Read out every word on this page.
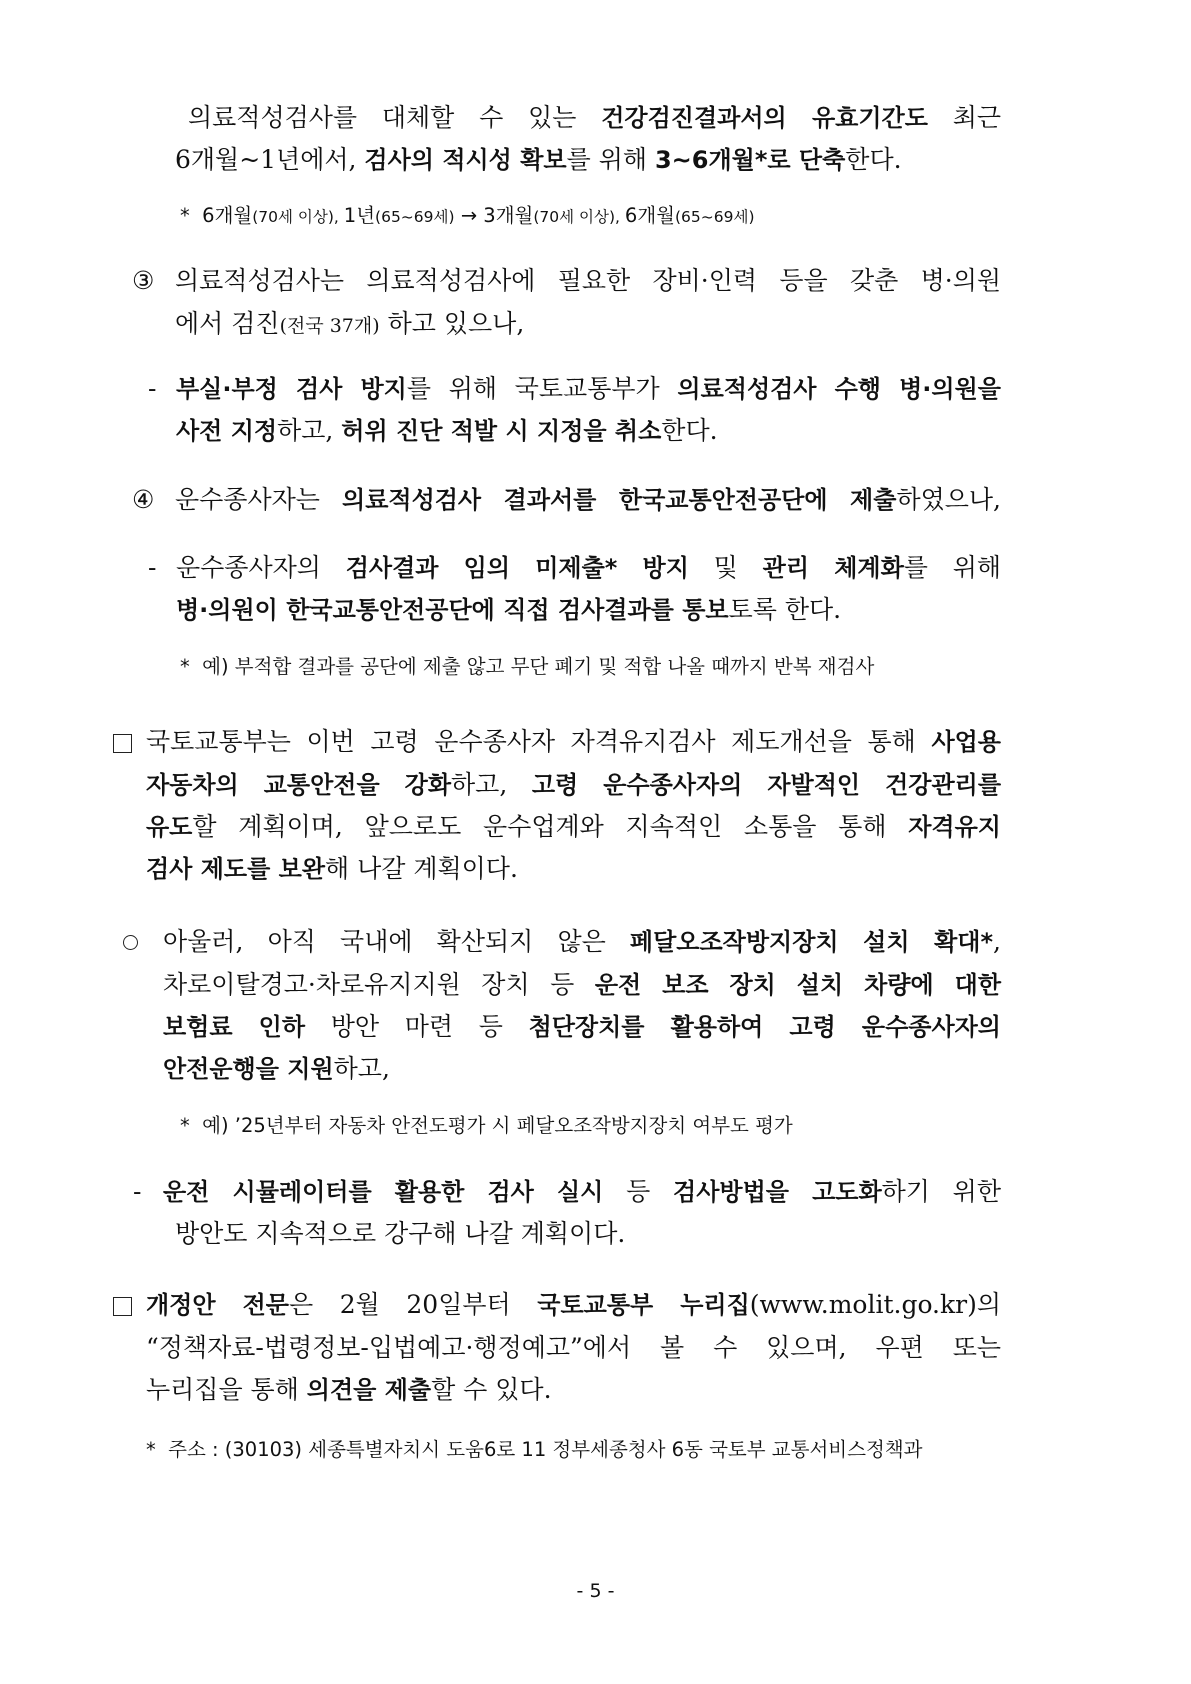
의료적성검사를 대체할 수 있는 건강검진결과서의 유효기간도 최근
6개월~1년에서, 검사의 적시성 확보를 위해 3~6개월*로 단축한다.
* 6개월(70세 이상), 1년(65~69세) → 3개월(70세 이상), 6개월(65~69세)
③ 의료적성검사는 의료적성검사에 필요한 장비·인력 등을 갖춘 병·의원
에서 검진(전국 37개) 하고 있으나,
- 부실·부정 검사 방지를 위해 국토교통부가 의료적성검사 수행 병·의원을
사전 지정하고, 허위 진단 적발 시 지정을 취소한다.
④ 운수종사자는 의료적성검사 결과서를 한국교통안전공단에 제출하였으나,
- 운수종사자의 검사결과 임의 미제출* 방지 및 관리 체계화를 위해
병·의원이 한국교통안전공단에 직접 검사결과를 통보토록 한다.
* 예) 부적합 결과를 공단에 제출 않고 무단 폐기 및 적합 나올 때까지 반복 재검사
국토교통부는 이번 고령 운수종사자 자격유지검사 제도개선을 통해 사업용
자동차의 교통안전을 강화하고, 고령 운수종사자의 자발적인 건강관리를
유도할 계획이며, 앞으로도 운수업계와 지속적인 소통을 통해 자격유지
검사 제도를 보완해 나갈 계획이다.
아울러, 아직 국내에 확산되지 않은 페달오조작방지장치 설치 확대*,
차로이탈경고·차로유지지원 장치 등 운전 보조 장치 설치 차량에 대한
보험료 인하 방안 마련 등 첨단장치를 활용하여 고령 운수종사자의
안전운행을 지원하고,
* 예) ’25년부터 자동차 안전도평가 시 페달오조작방지장치 여부도 평가
- 운전 시뮬레이터를 활용한 검사 실시 등 검사방법을 고도화하기 위한
방안도 지속적으로 강구해 나갈 계획이다.
개정안 전문은 2월 20일부터 국토교통부 누리집(www.molit.go.kr)의
“정책자료-법령정보-입법예고·행정예고”에서 볼 수 있으며, 우편 또는
누리집을 통해 의견을 제출할 수 있다.
* 주소 : (30103) 세종특별자치시 도움6로 11 정부세종청사 6동 국토부 교통서비스정책과
- 5 -
